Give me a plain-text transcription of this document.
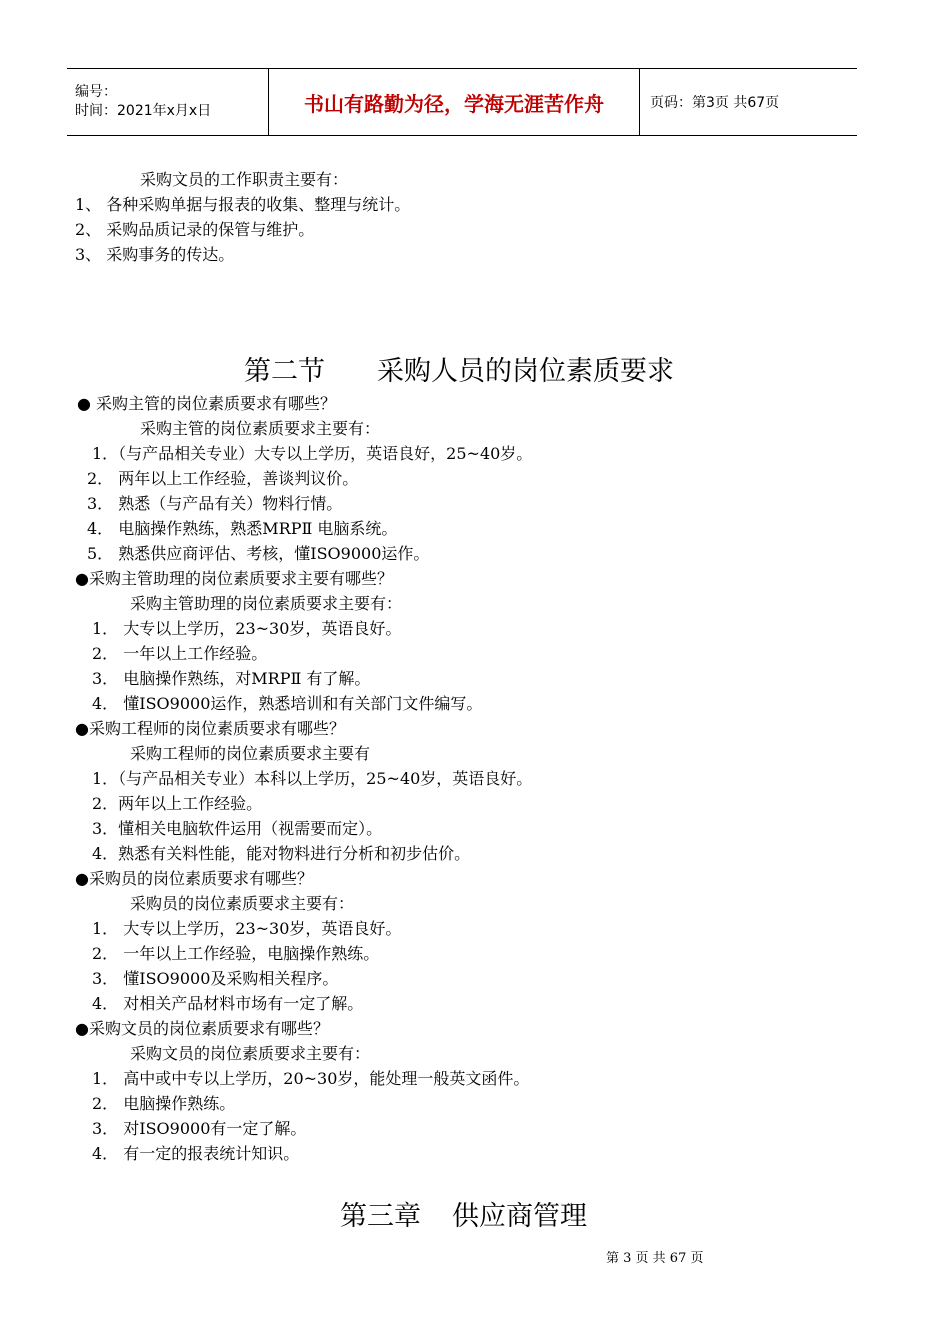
编号：
时间：2021年x月x日	书山有路勤为径，学海无涯苦作舟	页码：第3页 共67页
采购文员的工作职责主要有：
1、 各种采购单据与报表的收集、整理与统计。
2、 采购品质记录的保管与维护。
3、 采购事务的传达。
第二节 采购人员的岗位素质要求
● 采购主管的岗位素质要求有哪些？
采购主管的岗位素质要求主要有：
1．（与产品相关专业）大专以上学历，英语良好，25~40岁。
2． 两年以上工作经验，善谈判议价。
3． 熟悉（与产品有关）物料行情。
4． 电脑操作熟练，熟悉MRPⅡ 电脑系统。
5． 熟悉供应商评估、考核，懂ISO9000运作。
●采购主管助理的岗位素质要求主要有哪些？
采购主管助理的岗位素质要求主要有：
1． 大专以上学历，23~30岁，英语良好。
2． 一年以上工作经验。
3． 电脑操作熟练，对MRPⅡ 有了解。
4． 懂ISO9000运作，熟悉培训和有关部门文件编写。
●采购工程师的岗位素质要求有哪些？
采购工程师的岗位素质要求主要有
1．（与产品相关专业）本科以上学历，25~40岁，英语良好。
2．两年以上工作经验。
3．懂相关电脑软件运用（视需要而定）。
4．熟悉有关料性能，能对物料进行分析和初步估价。
●采购员的岗位素质要求有哪些？
采购员的岗位素质要求主要有：
1． 大专以上学历，23~30岁，英语良好。
2． 一年以上工作经验，电脑操作熟练。
3． 懂ISO9000及采购相关程序。
4． 对相关产品材料市场有一定了解。
●采购文员的岗位素质要求有哪些？
采购文员的岗位素质要求主要有：
1． 高中或中专以上学历，20~30岁，能处理一般英文函件。
2． 电脑操作熟练。
3． 对ISO9000有一定了解。
4． 有一定的报表统计知识。
第三章 供应商管理
第 3 页 共 67 页
